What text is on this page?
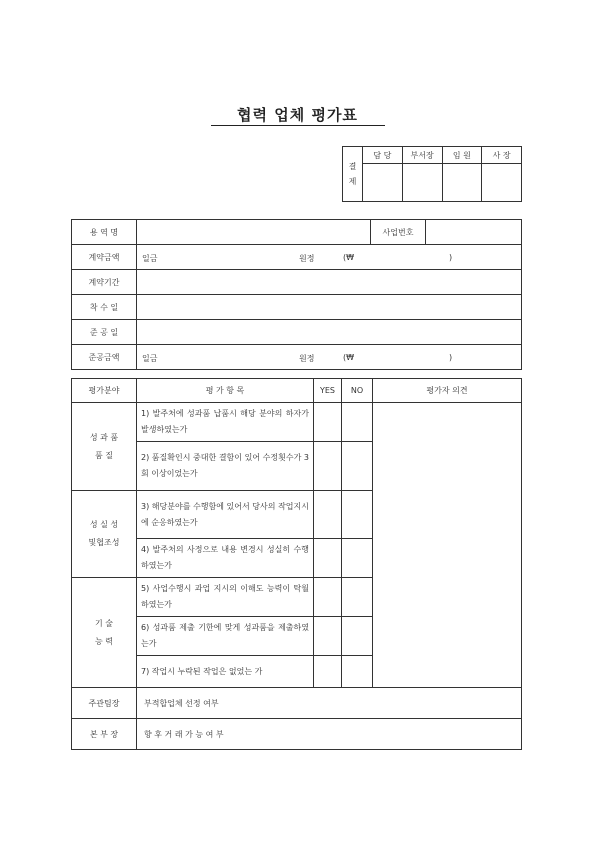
협력 업체 평가표
결
제	담 당	부서장	임 원	사 장

용 역 명		사업번호	
계약금액	일금 원정 (₩ )		

계약기간			
착 수 일			
준 공 일			
준공금액	일금 원정 (₩ )		
평가분야	평 가 항 목	YES	NO	평가자 의견

성 과 품
품 질	1) 발주처에 성과품 납품시 해당 분야의 하자가 발생하였는가			
	2) 품질확인시 중대한 결함이 있어 수정횟수가 3회 이상이었는가			

성 실 성
및협조성	3) 해당분야를 수행함에 있어서 당사의 작업지시에 순응하였는가			
	4) 발주처의 사정으로 내용 변경시 성실히 수행하였는가			

기 술
능 력	5) 사업수행시 과업 지시의 이해도 능력이 탁월하였는가			
	6) 성과품 제출 기한에 맞게 성과품을 제출하였는가			
	7) 작업시 누락된 작업은 없었는 가			
주관팀장	부적합업체 선정 여부			
본 부 장	향 후 거 래 가 능 여 부			
